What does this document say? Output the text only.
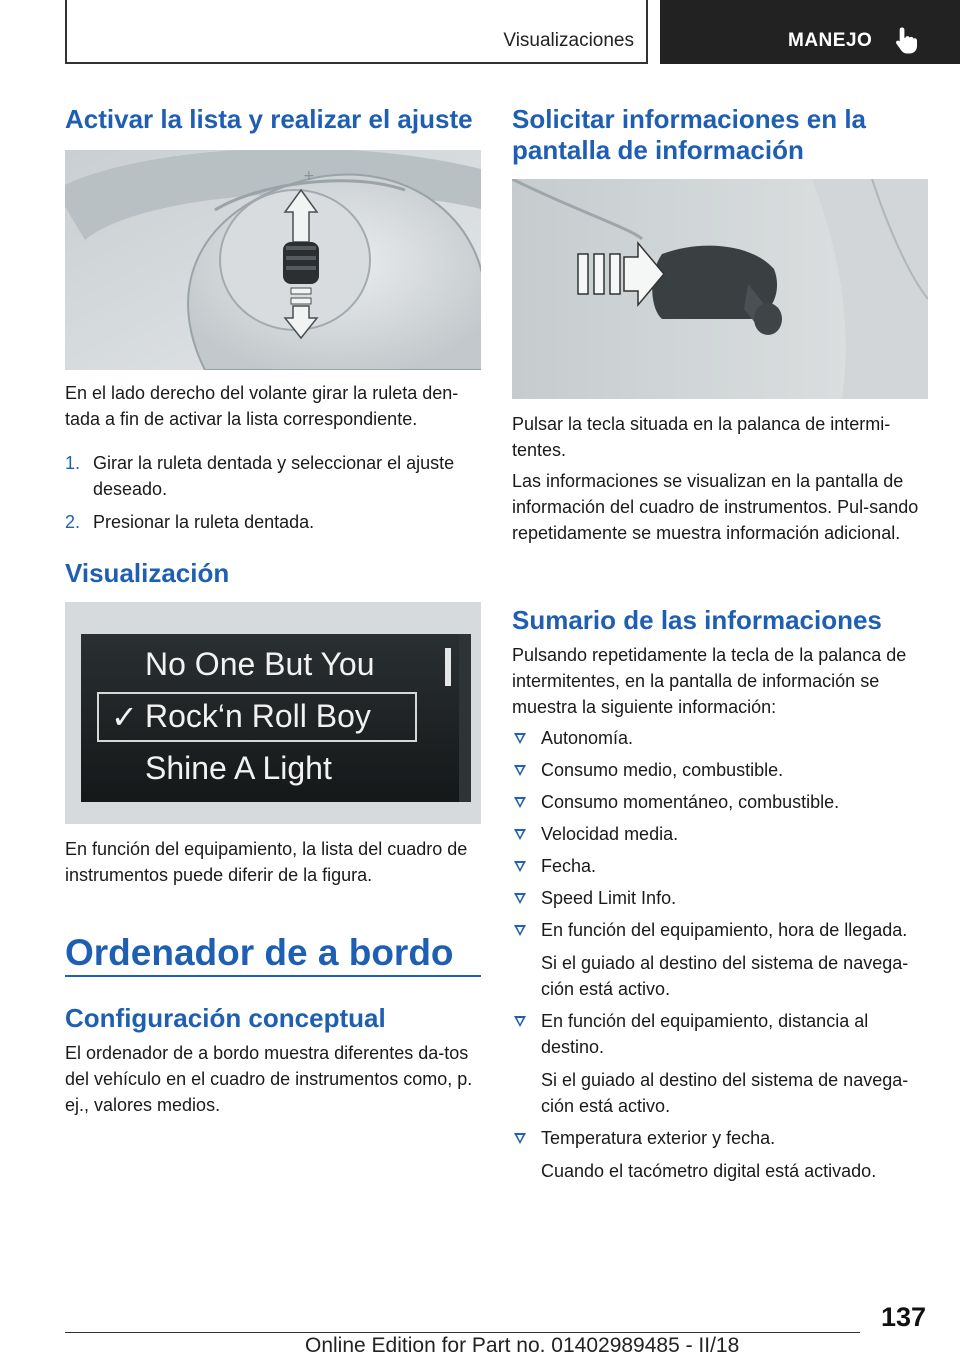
Visualizaciones	MANEJO
Activar la lista y realizar el ajuste
+

En el lado derecho del volante girar la ruleta den-tada a fin de activar la lista correspondiente.

1. Girar la ruleta dentada y seleccionar el ajuste deseado.
2. Presionar la ruleta dentada.
Visualización
No One But You
✓ Rock‘n Roll Boy
Shine A Light

En función del equipamiento, la lista del cuadro de instrumentos puede diferir de la figura.

Ordenador de a bordo
Configuración conceptual

El ordenador de a bordo muestra diferentes da-tos del vehículo en el cuadro de instrumentos como, p. ej., valores medios.

Solicitar informaciones en la pantalla de información

Pulsar la tecla situada en la palanca de intermi-tentes.

Las informaciones se visualizan en la pantalla de información del cuadro de instrumentos. Pul-sando repetidamente se muestra información adicional.

Sumario de las informaciones

Pulsando repetidamente la tecla de la palanca de intermitentes, en la pantalla de información se muestra la siguiente información:

Autonomía.
Consumo medio, combustible.
Consumo momentáneo, combustible.
Velocidad media.
Fecha.
Speed Limit Info.
En función del equipamiento, hora de llegada.
Si el guiado al destino del sistema de navega-ción está activo.
En función del equipamiento, distancia al destino.
Si el guiado al destino del sistema de navega-ción está activo.
Temperatura exterior y fecha.
Cuando el tacómetro digital está activado.
137
Online Edition for Part no. 01402989485 - II/18
